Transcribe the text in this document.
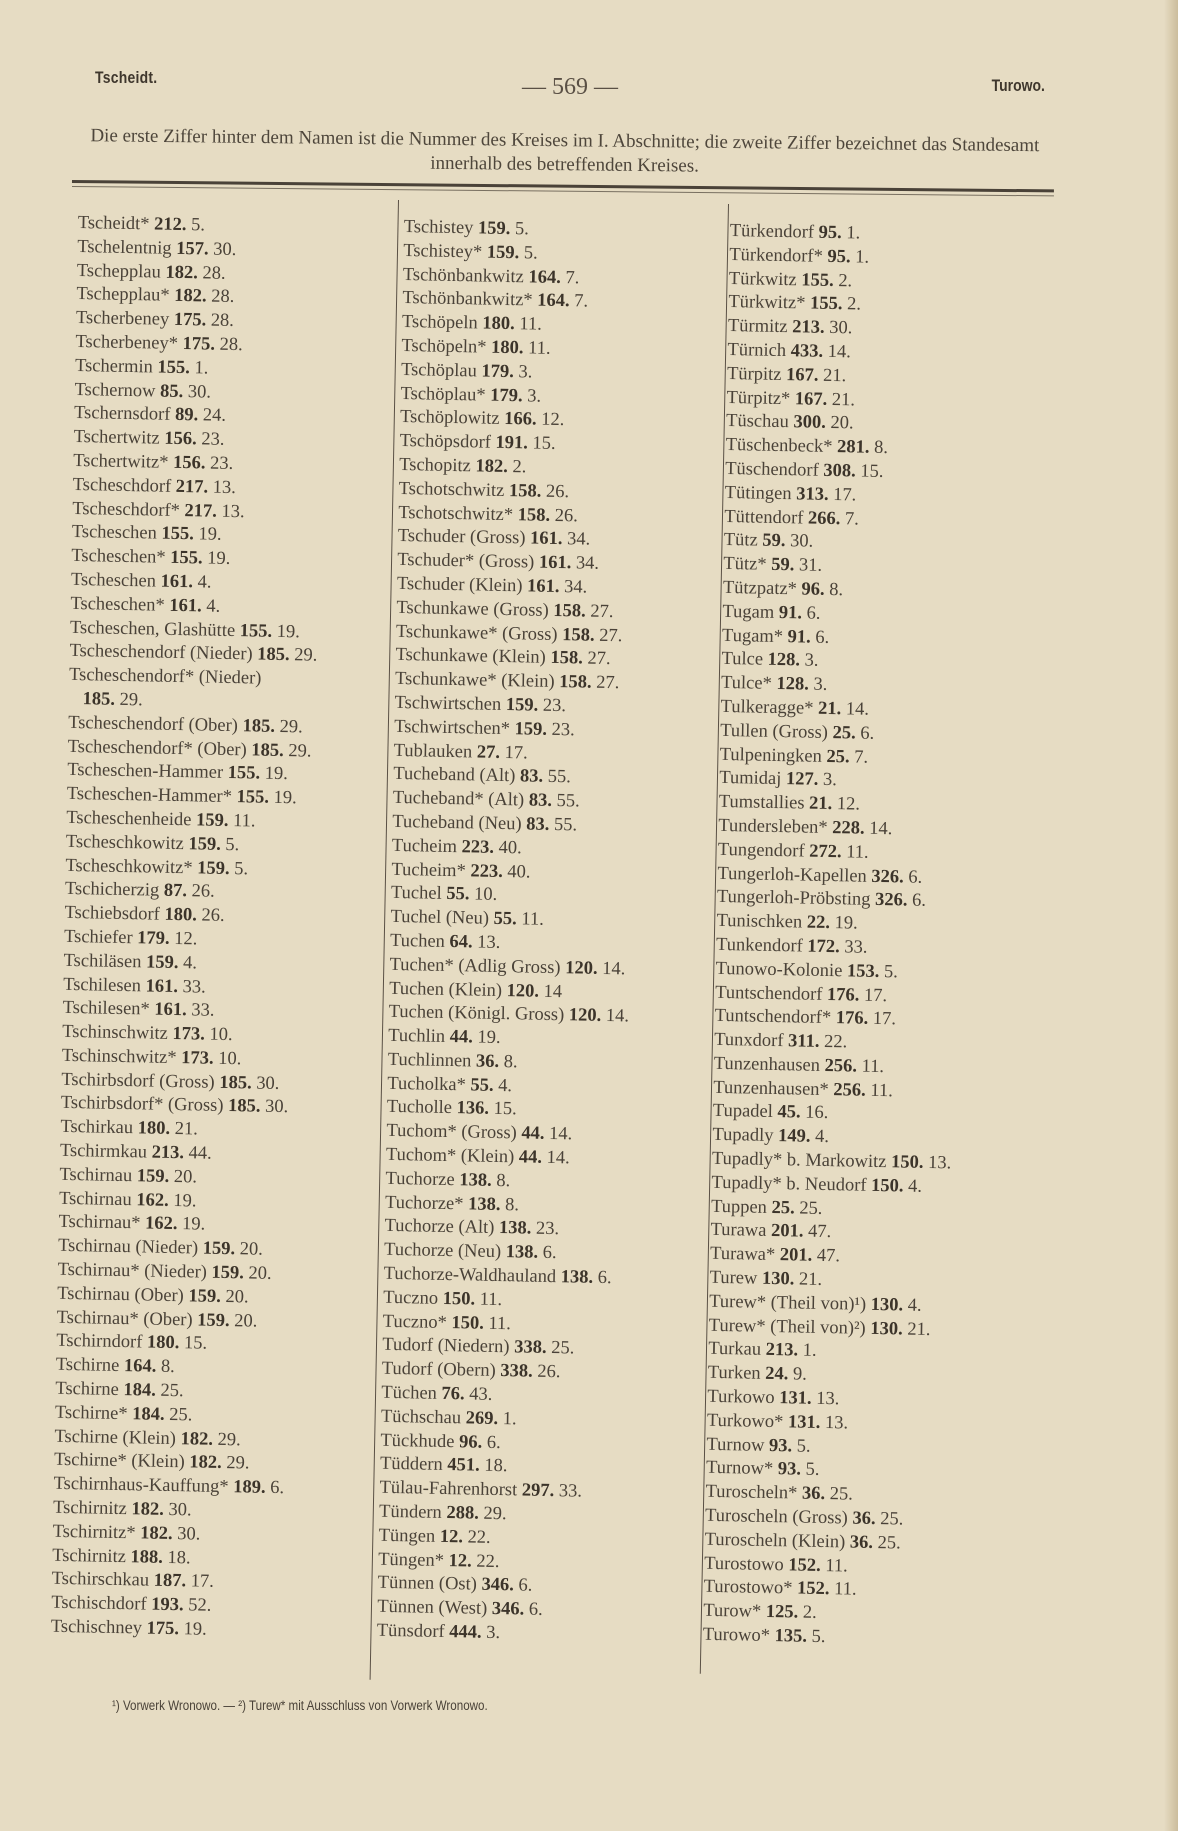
Tscheidt.	— 569 —	Turowo.
Die erste Ziffer hinter dem Namen ist die Nummer des Kreises im I. Abschnitte; die zweite Ziffer bezeichnet das Standesamt innerhalb des betreffenden Kreises.
Tscheidt* 212. 5.
Tschelentnig 157. 30.
Tschepplau 182. 28.
Tschepplau* 182. 28.
Tscherbeney 175. 28.
Tscherbeney* 175. 28.
Tschermin 155. 1.
Tschernow 85. 30.
Tschernsdorf 89. 24.
Tschertwitz 156. 23.
Tschertwitz* 156. 23.
Tscheschdorf 217. 13.
Tscheschdorf* 217. 13.
Tscheschen 155. 19.
Tscheschen* 155. 19.
Tscheschen 161. 4.
Tscheschen* 161. 4.
Tscheschen, Glashütte 155. 19.
Tscheschendorf (Nieder) 185. 29.
Tscheschendorf* (Nieder)
185. 29.
Tscheschendorf (Ober) 185. 29.
Tscheschendorf* (Ober) 185. 29.
Tscheschen-Hammer 155. 19.
Tscheschen-Hammer* 155. 19.
Tscheschenheide 159. 11.
Tscheschkowitz 159. 5.
Tscheschkowitz* 159. 5.
Tschicherzig 87. 26.
Tschiebsdorf 180. 26.
Tschiefer 179. 12.
Tschiläsen 159. 4.
Tschilesen 161. 33.
Tschilesen* 161. 33.
Tschinschwitz 173. 10.
Tschinschwitz* 173. 10.
Tschirbsdorf (Gross) 185. 30.
Tschirbsdorf* (Gross) 185. 30.
Tschirkau 180. 21.
Tschirmkau 213. 44.
Tschirnau 159. 20.
Tschirnau 162. 19.
Tschirnau* 162. 19.
Tschirnau (Nieder) 159. 20.
Tschirnau* (Nieder) 159. 20.
Tschirnau (Ober) 159. 20.
Tschirnau* (Ober) 159. 20.
Tschirndorf 180. 15.
Tschirne 164. 8.
Tschirne 184. 25.
Tschirne* 184. 25.
Tschirne (Klein) 182. 29.
Tschirne* (Klein) 182. 29.
Tschirnhaus-Kauffung* 189. 6.
Tschirnitz 182. 30.
Tschirnitz* 182. 30.
Tschirnitz 188. 18.
Tschirschkau 187. 17.
Tschischdorf 193. 52.
Tschischney 175. 19.
Tschistey 159. 5.
Tschistey* 159. 5.
Tschönbankwitz 164. 7.
Tschönbankwitz* 164. 7.
Tschöpeln 180. 11.
Tschöpeln* 180. 11.
Tschöplau 179. 3.
Tschöplau* 179. 3.
Tschöplowitz 166. 12.
Tschöpsdorf 191. 15.
Tschopitz 182. 2.
Tschotschwitz 158. 26.
Tschotschwitz* 158. 26.
Tschuder (Gross) 161. 34.
Tschuder* (Gross) 161. 34.
Tschuder (Klein) 161. 34.
Tschunkawe (Gross) 158. 27.
Tschunkawe* (Gross) 158. 27.
Tschunkawe (Klein) 158. 27.
Tschunkawe* (Klein) 158. 27.
Tschwirtschen 159. 23.
Tschwirtschen* 159. 23.
Tublauken 27. 17.
Tucheband (Alt) 83. 55.
Tucheband* (Alt) 83. 55.
Tucheband (Neu) 83. 55.
Tucheim 223. 40.
Tucheim* 223. 40.
Tuchel 55. 10.
Tuchel (Neu) 55. 11.
Tuchen 64. 13.
Tuchen* (Adlig Gross) 120. 14.
Tuchen (Klein) 120. 14
Tuchen (Königl. Gross) 120. 14.
Tuchlin 44. 19.
Tuchlinnen 36. 8.
Tucholka* 55. 4.
Tucholle 136. 15.
Tuchom* (Gross) 44. 14.
Tuchom* (Klein) 44. 14.
Tuchorze 138. 8.
Tuchorze* 138. 8.
Tuchorze (Alt) 138. 23.
Tuchorze (Neu) 138. 6.
Tuchorze-Waldhauland 138. 6.
Tuczno 150. 11.
Tuczno* 150. 11.
Tudorf (Niedern) 338. 25.
Tudorf (Obern) 338. 26.
Tüchen 76. 43.
Tüchschau 269. 1.
Tückhude 96. 6.
Tüddern 451. 18.
Tülau-Fahrenhorst 297. 33.
Tündern 288. 29.
Tüngen 12. 22.
Tüngen* 12. 22.
Tünnen (Ost) 346. 6.
Tünnen (West) 346. 6.
Tünsdorf 444. 3.
Türkendorf 95. 1.
Türkendorf* 95. 1.
Türkwitz 155. 2.
Türkwitz* 155. 2.
Türmitz 213. 30.
Türnich 433. 14.
Türpitz 167. 21.
Türpitz* 167. 21.
Tüschau 300. 20.
Tüschenbeck* 281. 8.
Tüschendorf 308. 15.
Tütingen 313. 17.
Tüttendorf 266. 7.
Tütz 59. 30.
Tütz* 59. 31.
Tützpatz* 96. 8.
Tugam 91. 6.
Tugam* 91. 6.
Tulce 128. 3.
Tulce* 128. 3.
Tulkeragge* 21. 14.
Tullen (Gross) 25. 6.
Tulpeningken 25. 7.
Tumidaj 127. 3.
Tumstallies 21. 12.
Tundersleben* 228. 14.
Tungendorf 272. 11.
Tungerloh-Kapellen 326. 6.
Tungerloh-Pröbsting 326. 6.
Tunischken 22. 19.
Tunkendorf 172. 33.
Tunowo-Kolonie 153. 5.
Tuntschendorf 176. 17.
Tuntschendorf* 176. 17.
Tunxdorf 311. 22.
Tunzenhausen 256. 11.
Tunzenhausen* 256. 11.
Tupadel 45. 16.
Tupadly 149. 4.
Tupadly* b. Markowitz 150. 13.
Tupadly* b. Neudorf 150. 4.
Tuppen 25. 25.
Turawa 201. 47.
Turawa* 201. 47.
Turew 130. 21.
Turew* (Theil von)¹) 130. 4.
Turew* (Theil von)²) 130. 21.
Turkau 213. 1.
Turken 24. 9.
Turkowo 131. 13.
Turkowo* 131. 13.
Turnow 93. 5.
Turnow* 93. 5.
Turoscheln* 36. 25.
Turoscheln (Gross) 36. 25.
Turoscheln (Klein) 36. 25.
Turostowo 152. 11.
Turostowo* 152. 11.
Turow* 125. 2.
Turowo* 135. 5.
¹) Vorwerk Wronowo. — ²) Turew* mit Ausschluss von Vorwerk Wronowo.
